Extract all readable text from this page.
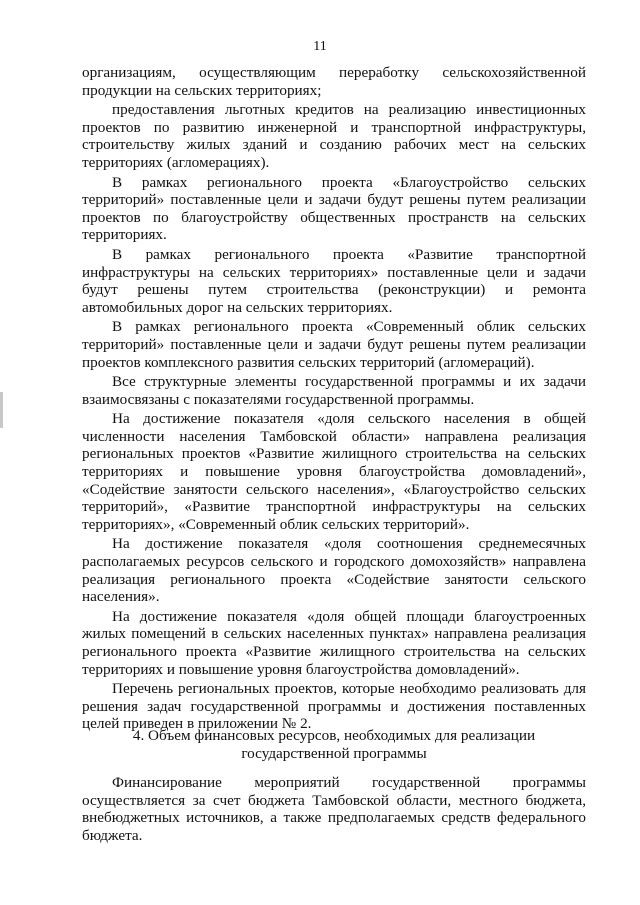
11

организациям, осуществляющим переработку сельскохозяйственной продукции на сельских территориях;

предоставления льготных кредитов на реализацию инвестиционных проектов по развитию инженерной и транспортной инфраструктуры, строительству жилых зданий и созданию рабочих мест на сельских территориях (агломерациях).

В рамках регионального проекта «Благоустройство сельских территорий» поставленные цели и задачи будут решены путем реализации проектов по благоустройству общественных пространств на сельских территориях.

В рамках регионального проекта «Развитие транспортной инфраструктуры на сельских территориях» поставленные цели и задачи будут решены путем строительства (реконструкции) и ремонта автомобильных дорог на сельских территориях.

В рамках регионального проекта «Современный облик сельских территорий» поставленные цели и задачи будут решены путем реализации проектов комплексного развития сельских территорий (агломераций).

Все структурные элементы государственной программы и их задачи взаимосвязаны с показателями государственной программы.

На достижение показателя «доля сельского населения в общей численности населения Тамбовской области» направлена реализация региональных проектов «Развитие жилищного строительства на сельских территориях и повышение уровня благоустройства домовладений», «Содействие занятости сельского населения», «Благоустройство сельских территорий», «Развитие транспортной инфраструктуры на сельских территориях», «Современный облик сельских территорий».

На достижение показателя «доля соотношения среднемесячных располагаемых ресурсов сельского и городского домохозяйств» направлена реализация регионального проекта «Содействие занятости сельского населения».

На достижение показателя «доля общей площади благоустроенных жилых помещений в сельских населенных пунктах» направлена реализация регионального проекта «Развитие жилищного строительства на сельских территориях и повышение уровня благоустройства домовладений».

Перечень региональных проектов, которые необходимо реализовать для решения задач государственной программы и достижения поставленных целей приведен в приложении № 2.

4. Объем финансовых ресурсов, необходимых для реализации
государственной программы

Финансирование мероприятий государственной программы осуществляется за счет бюджета Тамбовской области, местного бюджета, внебюджетных источников, а также предполагаемых средств федерального бюджета.
